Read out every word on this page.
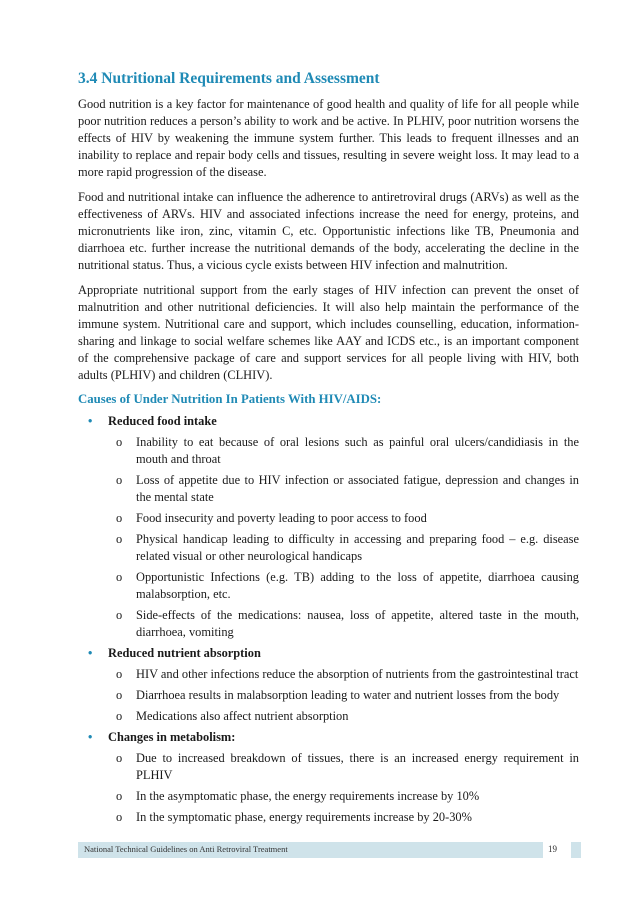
3.4 Nutritional Requirements and Assessment

Good nutrition is a key factor for maintenance of good health and quality of life for all people while poor nutrition reduces a person’s ability to work and be active. In PLHIV, poor nutrition worsens the effects of HIV by weakening the immune system further. This leads to frequent illnesses and an inability to replace and repair body cells and tissues, resulting in severe weight loss. It may lead to a more rapid progression of the disease.

Food and nutritional intake can influence the adherence to antiretroviral drugs (ARVs) as well as the effectiveness of ARVs. HIV and associated infections increase the need for energy, proteins, and micronutrients like iron, zinc, vitamin C, etc. Opportunistic infections like TB, Pneumonia and diarrhoea etc. further increase the nutritional demands of the body, accelerating the decline in the nutritional status. Thus, a vicious cycle exists between HIV infection and malnutrition.

Appropriate nutritional support from the early stages of HIV infection can prevent the onset of malnutrition and other nutritional deficiencies. It will also help maintain the performance of the immune system. Nutritional care and support, which includes counselling, education, information-sharing and linkage to social welfare schemes like AAY and ICDS etc., is an important component of the comprehensive package of care and support services for all people living with HIV, both adults (PLHIV) and children (CLHIV).

Causes of Under Nutrition In Patients With HIV/AIDS:
• Reduced food intake
o Inability to eat because of oral lesions such as painful oral ulcers/candidiasis in the mouth and throat
o Loss of appetite due to HIV infection or associated fatigue, depression and changes in the mental state
o Food insecurity and poverty leading to poor access to food
o Physical handicap leading to difficulty in accessing and preparing food – e.g. disease related visual or other neurological handicaps
o Opportunistic Infections (e.g. TB) adding to the loss of appetite, diarrhoea causing malabsorption, etc.
o Side-effects of the medications: nausea, loss of appetite, altered taste in the mouth, diarrhoea, vomiting
• Reduced nutrient absorption
o HIV and other infections reduce the absorption of nutrients from the gastrointestinal tract
o Diarrhoea results in malabsorption leading to water and nutrient losses from the body
o Medications also affect nutrient absorption
• Changes in metabolism:
o Due to increased breakdown of tissues, there is an increased energy requirement in PLHIV
o In the asymptomatic phase, the energy requirements increase by 10%
o In the symptomatic phase, energy requirements increase by 20-30%
National Technical Guidelines on Anti Retroviral Treatment	19
